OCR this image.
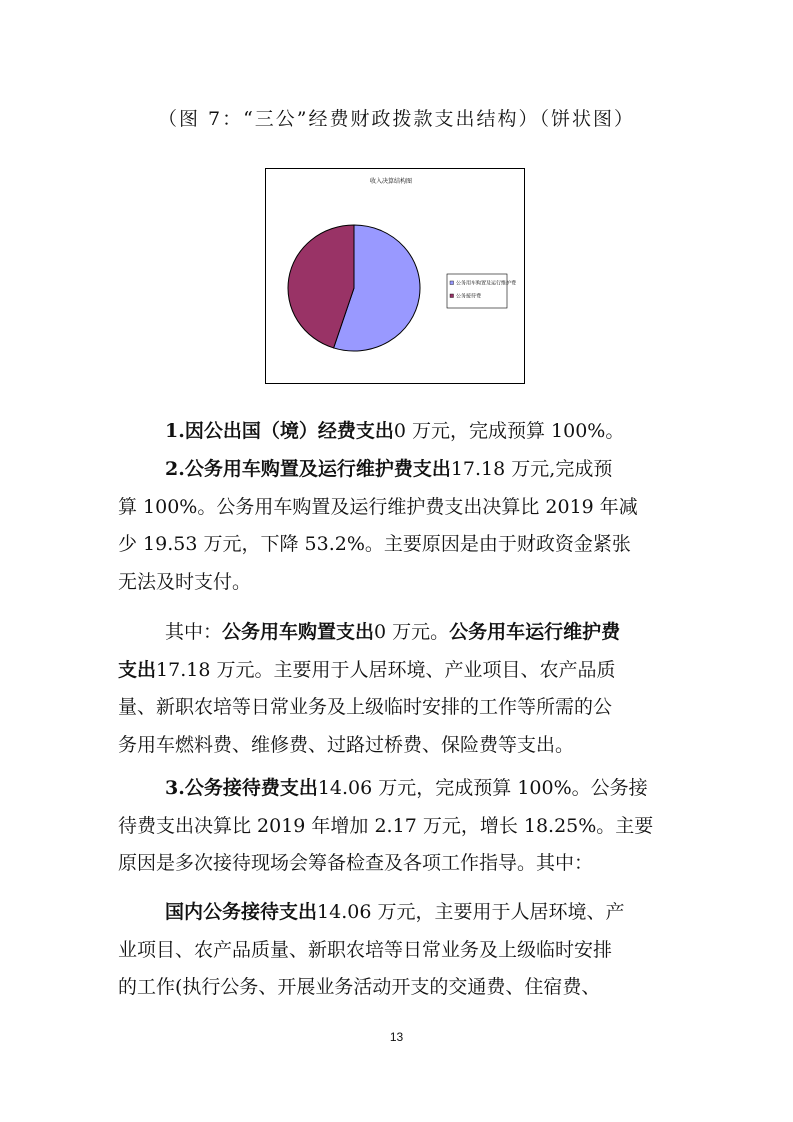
（图 7：“三公”经费财政拨款支出结构）（饼状图）
收入决算结构图
公务用车购置及运行维护费
公务接待费
1.因公出国（境）经费支出0 万元，完成预算 100%。
2.公务用车购置及运行维护费支出17.18 万元,完成预
算 100%。公务用车购置及运行维护费支出决算比 2019 年减
少 19.53 万元，下降 53.2%。主要原因是由于财政资金紧张
无法及时支付。
其中：公务用车购置支出0 万元。公务用车运行维护费
支出17.18 万元。主要用于人居环境、产业项目、农产品质
量、新职农培等日常业务及上级临时安排的工作等所需的公
务用车燃料费、维修费、过路过桥费、保险费等支出。
3.公务接待费支出14.06 万元，完成预算 100%。公务接
待费支出决算比 2019 年增加 2.17 万元，增长 18.25%。主要
原因是多次接待现场会筹备检查及各项工作指导。其中：
国内公务接待支出14.06 万元，主要用于人居环境、产
业项目、农产品质量、新职农培等日常业务及上级临时安排
的工作(执行公务、开展业务活动开支的交通费、住宿费、
13
